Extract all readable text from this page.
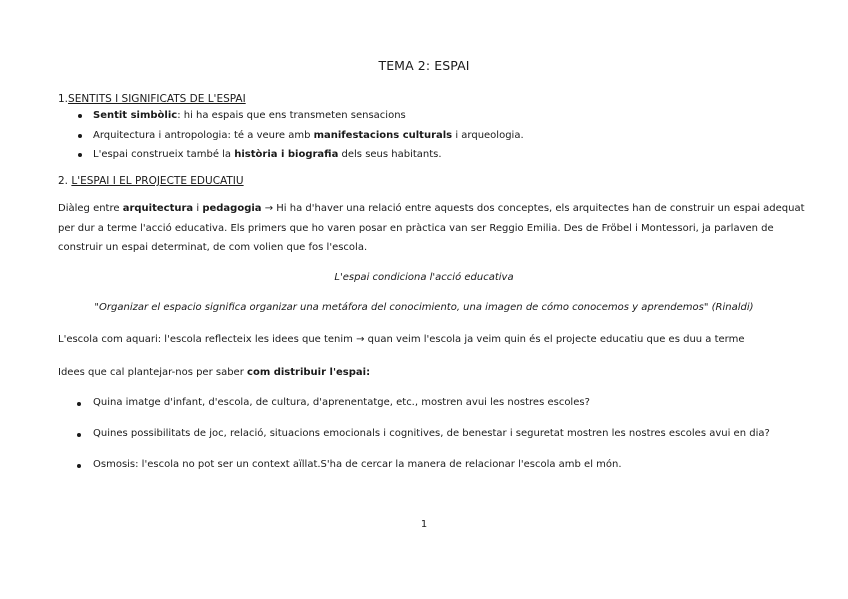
TEMA 2: ESPAI
1.SENTITS I SIGNIFICATS DE L'ESPAI
Sentit simbòlic: hi ha espais que ens transmeten sensacions
Arquitectura i antropologia: té a veure amb manifestacions culturals i arqueologia.
L'espai construeix també la història i biografia dels seus habitants.
2. L'ESPAI I EL PROJECTE EDUCATIU
Diàleg entre arquitectura i pedagogia → Hi ha d'haver una relació entre aquests dos conceptes, els arquitectes han de construir un espai adequat
per dur a terme l'acció educativa. Els primers que ho varen posar en pràctica van ser Reggio Emilia. Des de Fröbel i Montessori, ja parlaven de
construir un espai determinat, de com volien que fos l'escola.
L'espai condiciona l'acció educativa
"Organizar el espacio significa organizar una metáfora del conocimiento, una imagen de cómo conocemos y aprendemos" (Rinaldi)
L'escola com aquari: l'escola reflecteix les idees que tenim → quan veim l'escola ja veim quin és el projecte educatiu que es duu a terme
Idees que cal plantejar-nos per saber com distribuir l'espai:
Quina imatge d'infant, d'escola, de cultura, d'aprenentatge, etc., mostren avui les nostres escoles?
Quines possibilitats de joc, relació, situacions emocionals i cognitives, de benestar i seguretat mostren les nostres escoles avui en dia?
Osmosis: l'escola no pot ser un context aïllat.S'ha de cercar la manera de relacionar l'escola amb el món.
1
